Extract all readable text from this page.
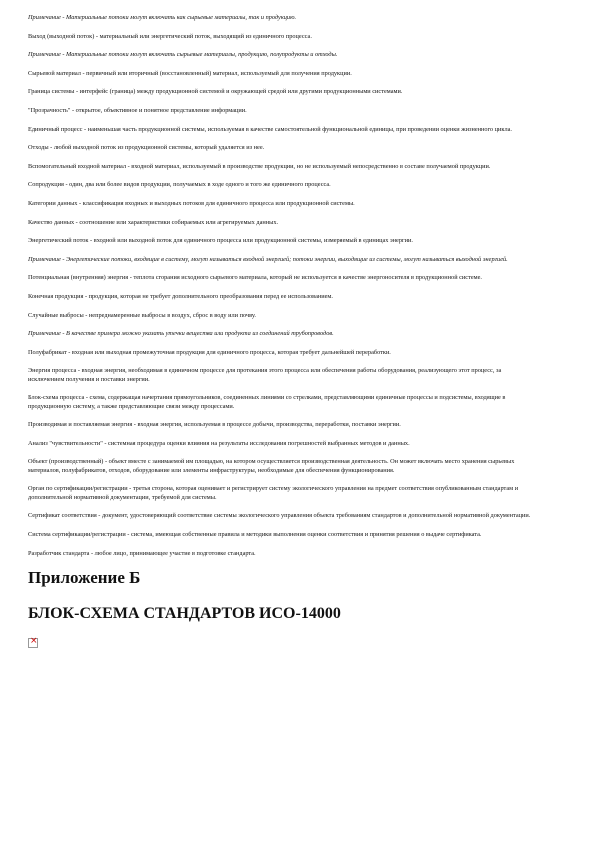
Примечание - Материальные потоки могут включать как сырьевые материалы, так и продукцию.
Выход (выходной поток) - материальный или энергетический поток, выходящий из единичного процесса.
Примечание - Материальные потоки могут включать сырьевые материалы, продукцию, полупродукты и отходы.
Сырьевой материал - первичный или вторичный (восстановленный) материал, используемый для получения продукции.
Граница системы - интерфейс (граница) между продукционной системой и окружающей средой или другими продукционными системами.
"Прозрачность" - открытое, объективное и понятное представление информации.
Единичный процесс - наименьшая часть продукционной системы, используемая в качестве самостоятельной функциональной единицы, при проведении оценки жизненного цикла.
Отходы - любой выходной поток из продукционной системы, который удаляется из нее.
Вспомогательный входной материал - входной материал, используемый в производстве продукции, но не используемый непосредственно в составе получаемой продукции.
Сопродукция - один, два или более видов продукции, получаемых в ходе одного и того же единичного процесса.
Категории данных - классификация входных и выходных потоков для единичного процесса или продукционной системы.
Качество данных - соотношение или характеристики собираемых или агрегируемых данных.
Энергетический поток - входной или выходной поток для единичного процесса или продукционной системы, измеряемый в единицах энергии.
Примечание - Энергетические потоки, входящие в систему, могут называться входной энергией; потоки энергии, выходящие из системы, могут называться выходной энергией.
Потенциальная (внутренняя) энергия - теплота сгорания исходного сырьевого материала, который не используется в качестве энергоносителя в продукционной системе.
Конечная продукция - продукция, которая не требует дополнительного преобразования перед ее использованием.
Случайные выбросы - непреднамеренные выбросы в воздух, сброс в воду или почву.
Примечание - В качестве примера можно указать утечки вещества или продукта из соединений трубопроводов.
Полуфабрикат - входная или выходная промежуточная продукция для единичного процесса, которая требует дальнейшей переработки.
Энергия процесса - входная энергия, необходимая в единичном процессе для протекания этого процесса или обеспечения работы оборудования, реализующего этот процесс, за исключением получения и поставки энергии.
Блок-схема процесса - схема, содержащая начертания прямоугольников, соединенных линиями со стрелками, представляющими единичные процессы и подсистемы, входящие в продукционную систему, а также представляющие связи между процессами.
Производимая и поставляемая энергия - входная энергия, используемая в процессе добычи, производства, переработки, поставки энергии.
Анализ "чувствительности" - системная процедура оценки влияния на результаты исследования погрешностей выбранных методов и данных.
Объект (производственный) - объект вместе с занимаемой им площадью, на котором осуществляется производственная деятельность. Он может включать место хранения сырьевых материалов, полуфабрикатов, отходов, оборудование или элементы инфраструктуры, необходимые для обеспечения функционирования.
Орган по сертификации/регистрации - третья сторона, которая оценивает и регистрирует систему экологического управления на предмет соответствия опубликованным стандартам и дополнительной нормативной документации, требуемой для системы.
Сертификат соответствия - документ, удостоверяющий соответствие системы экологического управления объекта требованиям стандартов и дополнительной нормативной документации.
Система сертификации/регистрации - система, имеющая собственные правила и методики выполнения оценки соответствия и принятия решения о выдаче сертификата.
Разработчик стандарта - любое лицо, принимающее участие в подготовке стандарта.
Приложение Б
БЛОК-СХЕМА СТАНДАРТОВ ИСО-14000
×
